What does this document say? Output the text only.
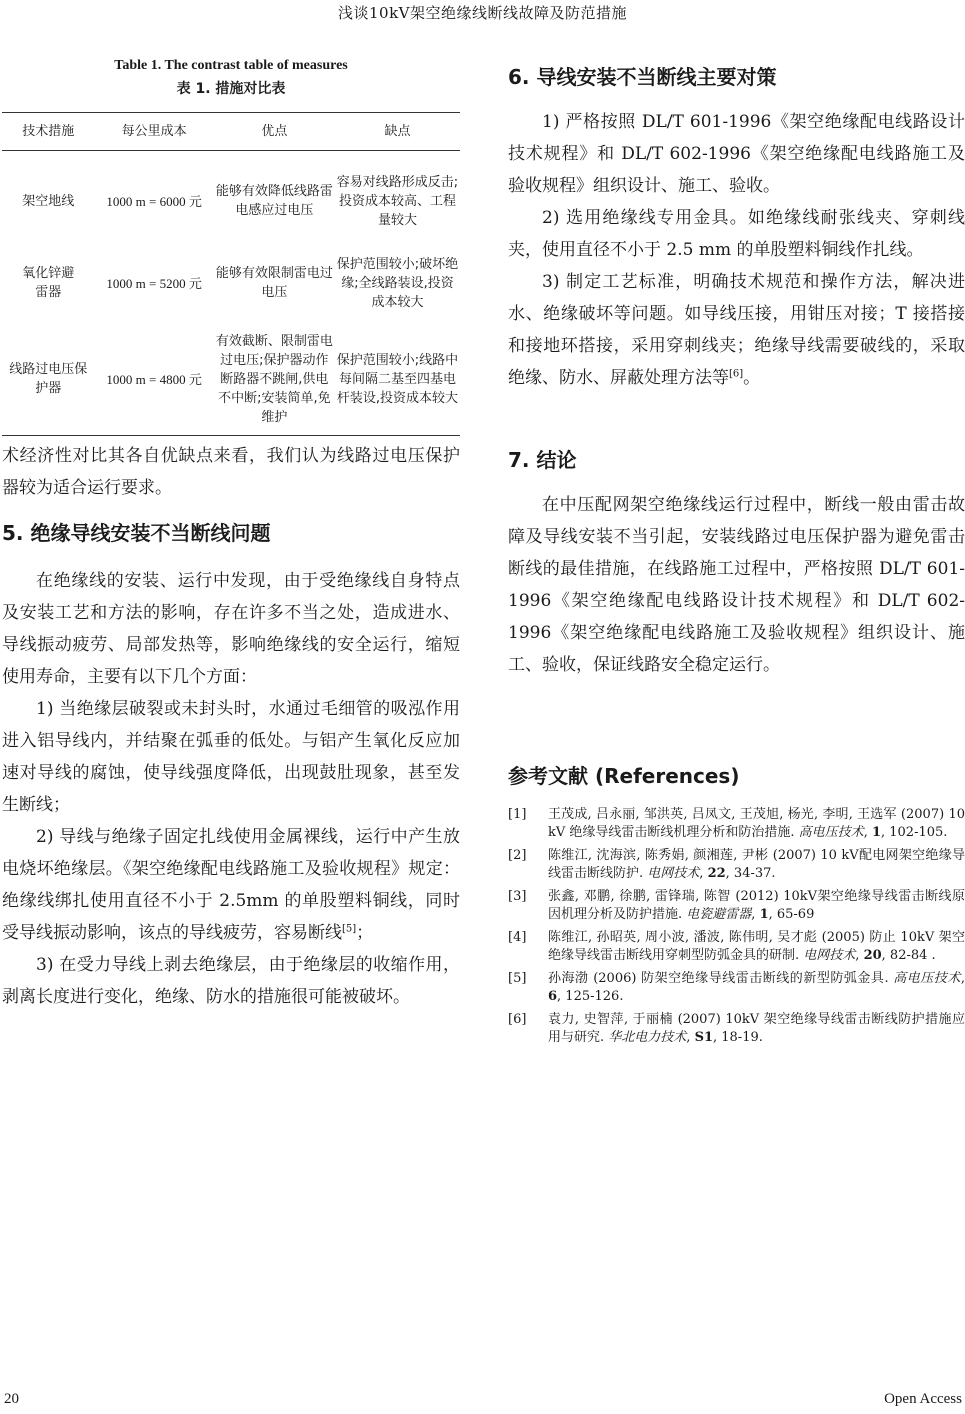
浅谈10kV架空绝缘线断线故障及防范措施
Table 1. The contrast table of measures
表 1. 措施对比表
技术措施	每公里成本	优点	缺点
架空地线	1000 m = 6000 元	能够有效降低线路雷电感应过电压	容易对线路形成反击;投资成本较高、工程量较大
氧化锌避雷器	1000 m = 5200 元	能够有效限制雷电过电压	保护范围较小;破坏绝缘;全线路装设,投资成本较大
线路过电压保护器	1000 m = 4800 元	有效截断、限制雷电过电压;保护器动作断路器不跳闸,供电不中断;安装简单,免维护	保护范围较小;线路中每间隔二基至四基电杆装设,投资成本较大

术经济性对比其各自优缺点来看，我们认为线路过电压保护器较为适合运行要求。

5. 绝缘导线安装不当断线问题

在绝缘线的安装、运行中发现，由于受绝缘线自身特点及安装工艺和方法的影响，存在许多不当之处，造成进水、导线振动疲劳、局部发热等，影响绝缘线的安全运行，缩短使用寿命，主要有以下几个方面：

1) 当绝缘层破裂或未封头时，水通过毛细管的吸泓作用进入铝导线内，并结聚在弧垂的低处。与铝产生氧化反应加速对导线的腐蚀，使导线强度降低，出现鼓肚现象，甚至发生断线；

2) 导线与绝缘子固定扎线使用金属裸线，运行中产生放电烧坏绝缘层。《架空绝缘配电线路施工及验收规程》规定：绝缘线绑扎使用直径不小于 2.5mm 的单股塑料铜线，同时受导线振动影响，该点的导线疲劳，容易断线[5]；

3) 在受力导线上剥去绝缘层，由于绝缘层的收缩作用，剥离长度进行变化，绝缘、防水的措施很可能被破坏。

6. 导线安装不当断线主要对策

1) 严格按照 DL/T 601-1996《架空绝缘配电线路设计技术规程》和 DL/T 602-1996《架空绝缘配电线路施工及验收规程》组织设计、施工、验收。

2) 选用绝缘线专用金具。如绝缘线耐张线夹、穿刺线夹，使用直径不小于 2.5 mm 的单股塑料铜线作扎线。

3) 制定工艺标准，明确技术规范和操作方法，解决进水、绝缘破坏等问题。如导线压接，用钳压对接；T 接搭接和接地环搭接，采用穿刺线夹；绝缘导线需要破线的，采取绝缘、防水、屏蔽处理方法等[6]。

7. 结论

在中压配网架空绝缘线运行过程中，断线一般由雷击故障及导线安装不当引起，安装线路过电压保护器为避免雷击断线的最佳措施，在线路施工过程中，严格按照 DL/T 601-1996《架空绝缘配电线路设计技术规程》和 DL/T 602-1996《架空绝缘配电线路施工及验收规程》组织设计、施工、验收，保证线路安全稳定运行。

参考文献 (References)
[1]	王茂成, 吕永丽, 邹洪英, 吕凤文, 王茂旭, 杨光, 李明, 王选军 (2007) 10 kV 绝缘导线雷击断线机理分析和防治措施. 高电压技术, 1, 102-105.
[2]	陈维江, 沈海滨, 陈秀娟, 颜湘莲, 尹彬 (2007) 10 kV配电网架空绝缘导线雷击断线防护. 电网技术, 22, 34-37.
[3]	张鑫, 邓鹏, 徐鹏, 雷锋瑞, 陈智 (2012) 10kV架空绝缘导线雷击断线原因机理分析及防护措施. 电瓷避雷器, 1, 65-69
[4]	陈维江, 孙昭英, 周小波, 潘波, 陈伟明, 吴才彪 (2005) 防止 10kV 架空绝缘导线雷击断线用穿刺型防弧金具的研制. 电网技术, 20, 82-84 .
[5]	孙海渤 (2006) 防架空绝缘导线雷击断线的新型防弧金具. 高电压技术, 6, 125-126.
[6]	袁力, 史智萍, 于丽楠 (2007) 10kV 架空绝缘导线雷击断线防护措施应用与研究. 华北电力技术, S1, 18-19.
20	Open Access
